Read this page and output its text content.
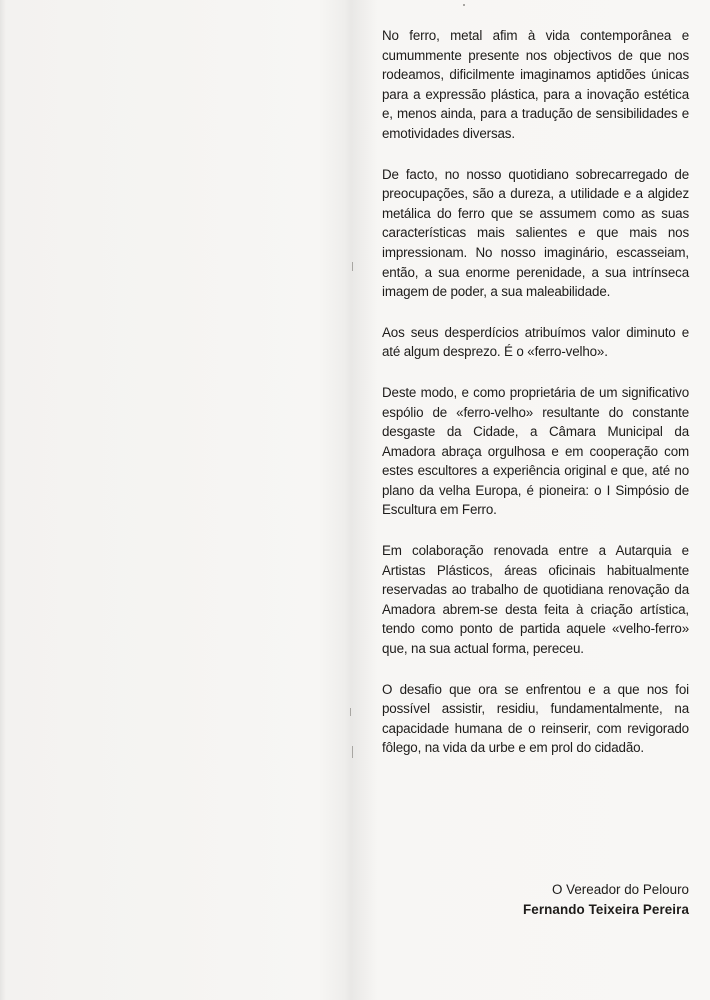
No ferro, metal afim à vida contemporânea e cumummente presente nos objectivos de que nos rodeamos, dificilmente imaginamos aptidões únicas para a expressão plástica, para a inovação estética e, menos ainda, para a tradução de sensibilidades e emotividades diversas.

De facto, no nosso quotidiano sobrecarregado de preocupações, são a dureza, a utilidade e a algidez metálica do ferro que se assumem como as suas características mais salientes e que mais nos impressionam. No nosso imaginário, escasseiam, então, a sua enorme perenidade, a sua intrínseca imagem de poder, a sua maleabilidade.

Aos seus desperdícios atribuímos valor diminuto e até algum desprezo. É o «ferro-velho».

Deste modo, e como proprietária de um significativo espólio de «ferro-velho» resultante do constante desgaste da Cidade, a Câmara Municipal da Amadora abraça orgulhosa e em cooperação com estes escultores a experiência original e que, até no plano da velha Europa, é pioneira: o I Simpósio de Escultura em Ferro.

Em colaboração renovada entre a Autarquia e Artistas Plásticos, áreas oficinais habitualmente reservadas ao trabalho de quotidiana renovação da Amadora abrem-se desta feita à criação artística, tendo como ponto de partida aquele «velho-ferro» que, na sua actual forma, pereceu.

O desafio que ora se enfrentou e a que nos foi possível assistir, residiu, fundamentalmente, na capacidade humana de o reinserir, com revigorado fôlego, na vida da urbe e em prol do cidadão.

O Vereador do Pelouro

Fernando Teixeira Pereira
